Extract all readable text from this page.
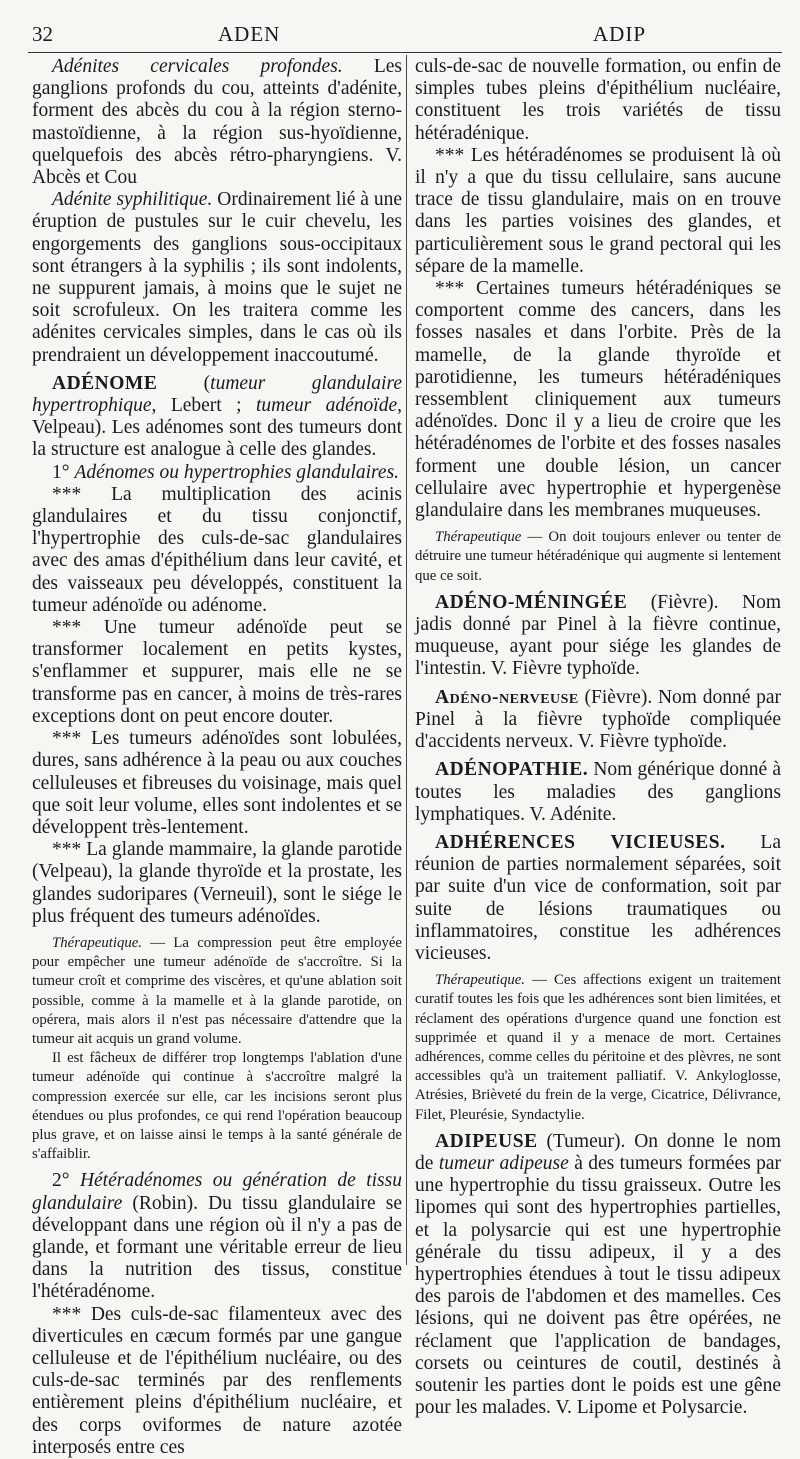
32	ADEN	ADIP

Adénites cervicales profondes. Les ganglions profonds du cou, atteints d'adénite, forment des abcès du cou à la région sterno-mastoïdienne, à la région sus-hyoïdienne, quelquefois des abcès rétro-pharyngiens. V. Abcès et Cou

Adénite syphilitique. Ordinairement lié à une éruption de pustules sur le cuir chevelu, les engorgements des ganglions sous-occipitaux sont étrangers à la syphilis ; ils sont indolents, ne suppurent jamais, à moins que le sujet ne soit scrofuleux. On les traitera comme les adénites cervicales simples, dans le cas où ils prendraient un développement inaccoutumé.

ADÉNOME (tumeur glandulaire hypertrophique, Lebert ; tumeur adénoïde, Velpeau). Les adénomes sont des tumeurs dont la structure est analogue à celle des glandes.

1° Adénomes ou hypertrophies glandulaires.

*** La multiplication des acinis glandulaires et du tissu conjonctif, l'hypertrophie des culs-de-sac glandulaires avec des amas d'épithélium dans leur cavité, et des vaisseaux peu développés, constituent la tumeur adénoïde ou adénome.

*** Une tumeur adénoïde peut se transformer localement en petits kystes, s'enflammer et suppurer, mais elle ne se transforme pas en cancer, à moins de très-rares exceptions dont on peut encore douter.

*** Les tumeurs adénoïdes sont lobulées, dures, sans adhérence à la peau ou aux couches celluleuses et fibreuses du voisinage, mais quel que soit leur volume, elles sont indolentes et se développent très-lentement.

*** La glande mammaire, la glande parotide (Velpeau), la glande thyroïde et la prostate, les glandes sudoripares (Verneuil), sont le siége le plus fréquent des tumeurs adénoïdes.

Thérapeutique. — La compression peut être employée pour empêcher une tumeur adénoïde de s'accroître. Si la tumeur croît et comprime des viscères, et qu'une ablation soit possible, comme à la mamelle et à la glande parotide, on opérera, mais alors il n'est pas nécessaire d'attendre que la tumeur ait acquis un grand volume.

Il est fâcheux de différer trop longtemps l'ablation d'une tumeur adénoïde qui continue à s'accroître malgré la compression exercée sur elle, car les incisions seront plus étendues ou plus profondes, ce qui rend l'opération beaucoup plus grave, et on laisse ainsi le temps à la santé générale de s'affaiblir.

2° Hétéradénomes ou génération de tissu glandulaire (Robin). Du tissu glandulaire se développant dans une région où il n'y a pas de glande, et formant une véritable erreur de lieu dans la nutrition des tissus, constitue l'hétéradénome.

*** Des culs-de-sac filamenteux avec des diverticules en cæcum formés par une gangue celluleuse et de l'épithélium nucléaire, ou des culs-de-sac terminés par des renflements entièrement pleins d'épithélium nucléaire, et des corps oviformes de nature azotée interposés entre ces

culs-de-sac de nouvelle formation, ou enfin de simples tubes pleins d'épithélium nucléaire, constituent les trois variétés de tissu hétéradénique.

*** Les hétéradénomes se produisent là où il n'y a que du tissu cellulaire, sans aucune trace de tissu glandulaire, mais on en trouve dans les parties voisines des glandes, et particulièrement sous le grand pectoral qui les sépare de la mamelle.

*** Certaines tumeurs hétéradéniques se comportent comme des cancers, dans les fosses nasales et dans l'orbite. Près de la mamelle, de la glande thyroïde et parotidienne, les tumeurs hétéradéniques ressemblent cliniquement aux tumeurs adénoïdes. Donc il y a lieu de croire que les hétéradénomes de l'orbite et des fosses nasales forment une double lésion, un cancer cellulaire avec hypertrophie et hypergenèse glandulaire dans les membranes muqueuses.

Thérapeutique — On doit toujours enlever ou tenter de détruire une tumeur hétéradénique qui augmente si lentement que ce soit.

ADÉNO-MÉNINGÉE (Fièvre). Nom jadis donné par Pinel à la fièvre continue, muqueuse, ayant pour siége les glandes de l'intestin. V. Fièvre typhoïde.

Adéno-nerveuse (Fièvre). Nom donné par Pinel à la fièvre typhoïde compliquée d'accidents nerveux. V. Fièvre typhoïde.

ADÉNOPATHIE. Nom générique donné à toutes les maladies des ganglions lymphatiques. V. Adénite.

ADHÉRENCES VICIEUSES. La réunion de parties normalement séparées, soit par suite d'un vice de conformation, soit par suite de lésions traumatiques ou inflammatoires, constitue les adhérences vicieuses.

Thérapeutique. — Ces affections exigent un traitement curatif toutes les fois que les adhérences sont bien limitées, et réclament des opérations d'urgence quand une fonction est supprimée et quand il y a menace de mort. Certaines adhérences, comme celles du péritoine et des plèvres, ne sont accessibles qu'à un traitement palliatif. V. Ankyloglosse, Atrésies, Brièveté du frein de la verge, Cicatrice, Délivrance, Filet, Pleurésie, Syndactylie.

ADIPEUSE (Tumeur). On donne le nom de tumeur adipeuse à des tumeurs formées par une hypertrophie du tissu graisseux. Outre les lipomes qui sont des hypertrophies partielles, et la polysarcie qui est une hypertrophie générale du tissu adipeux, il y a des hypertrophies étendues à tout le tissu adipeux des parois de l'abdomen et des mamelles. Ces lésions, qui ne doivent pas être opérées, ne réclament que l'application de bandages, corsets ou ceintures de coutil, destinés à soutenir les parties dont le poids est une gêne pour les malades. V. Lipome et Polysarcie.
